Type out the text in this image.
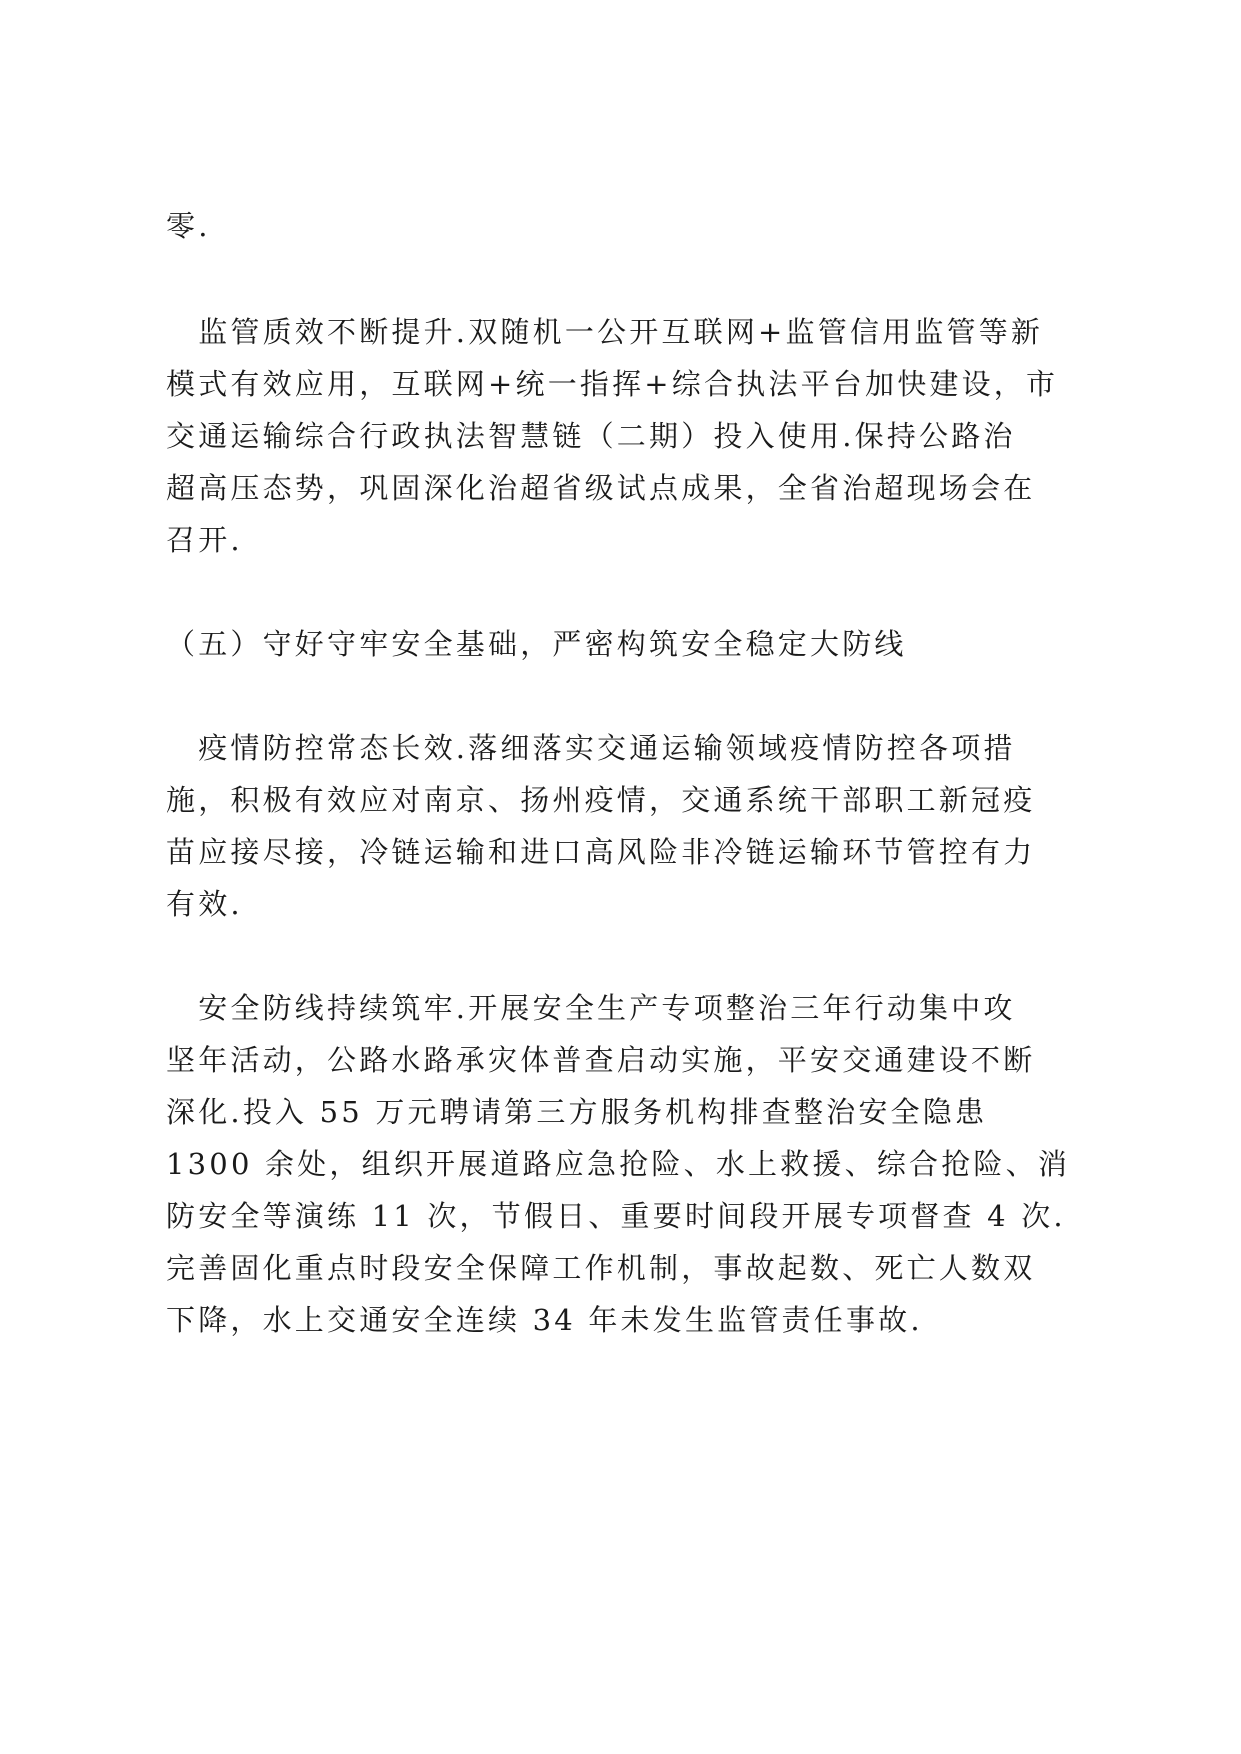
零.
　监管质效不断提升.双随机一公开互联网+监管信用监管等新
模式有效应用，互联网+统一指挥+综合执法平台加快建设，市
交通运输综合行政执法智慧链（二期）投入使用.保持公路治
超高压态势，巩固深化治超省级试点成果，全省治超现场会在
召开.
（五）守好守牢安全基础，严密构筑安全稳定大防线
　疫情防控常态长效.落细落实交通运输领域疫情防控各项措
施，积极有效应对南京、扬州疫情，交通系统干部职工新冠疫
苗应接尽接，冷链运输和进口高风险非冷链运输环节管控有力
有效.
　安全防线持续筑牢.开展安全生产专项整治三年行动集中攻
坚年活动，公路水路承灾体普查启动实施，平安交通建设不断
深化.投入 55 万元聘请第三方服务机构排查整治安全隐患
1300 余处，组织开展道路应急抢险、水上救援、综合抢险、消
防安全等演练 11 次，节假日、重要时间段开展专项督查 4 次.
完善固化重点时段安全保障工作机制，事故起数、死亡人数双
下降，水上交通安全连续 34 年未发生监管责任事故.
